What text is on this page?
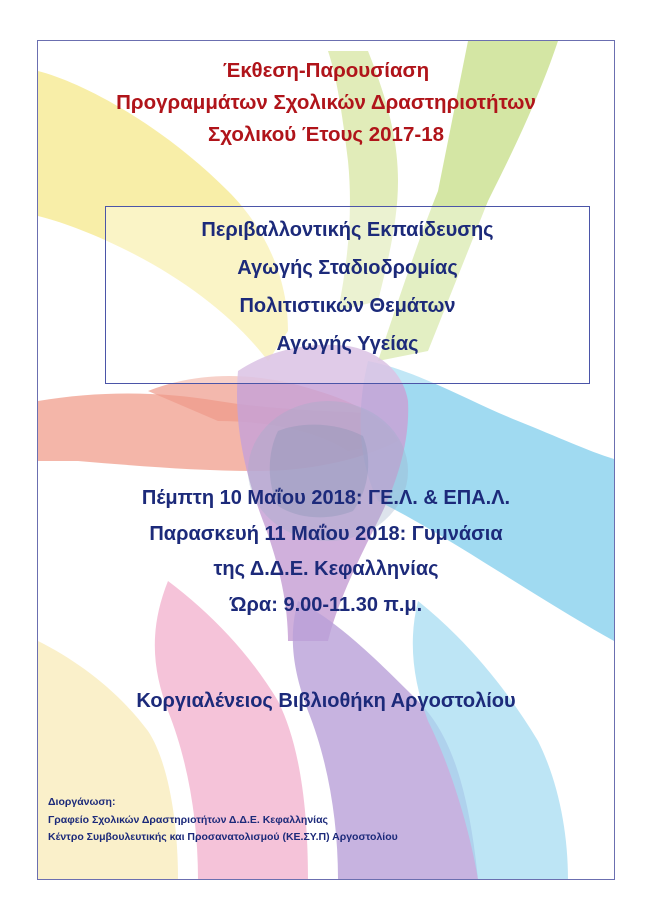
Έκθεση-Παρουσίαση
Προγραμμάτων Σχολικών Δραστηριοτήτων
Σχολικού Έτους 2017-18
Περιβαλλοντικής Εκπαίδευσης
Αγωγής Σταδιοδρομίας
Πολιτιστικών Θεμάτων
Αγωγής Υγείας
Πέμπτη 10 Μαΐου 2018: ΓΕ.Λ. & ΕΠΑ.Λ.
Παρασκευή 11 Μαΐου 2018: Γυμνάσια
της Δ.Δ.Ε. Κεφαλληνίας
Ώρα: 9.00-11.30 π.μ.
Κοργιαλένειος Βιβλιοθήκη Αργοστολίου
Διοργάνωση:
Γραφείο Σχολικών Δραστηριοτήτων Δ.Δ.Ε. Κεφαλληνίας
Κέντρο Συμβουλευτικής και Προσανατολισμού (ΚΕ.ΣΥ.Π) Αργοστολίου
